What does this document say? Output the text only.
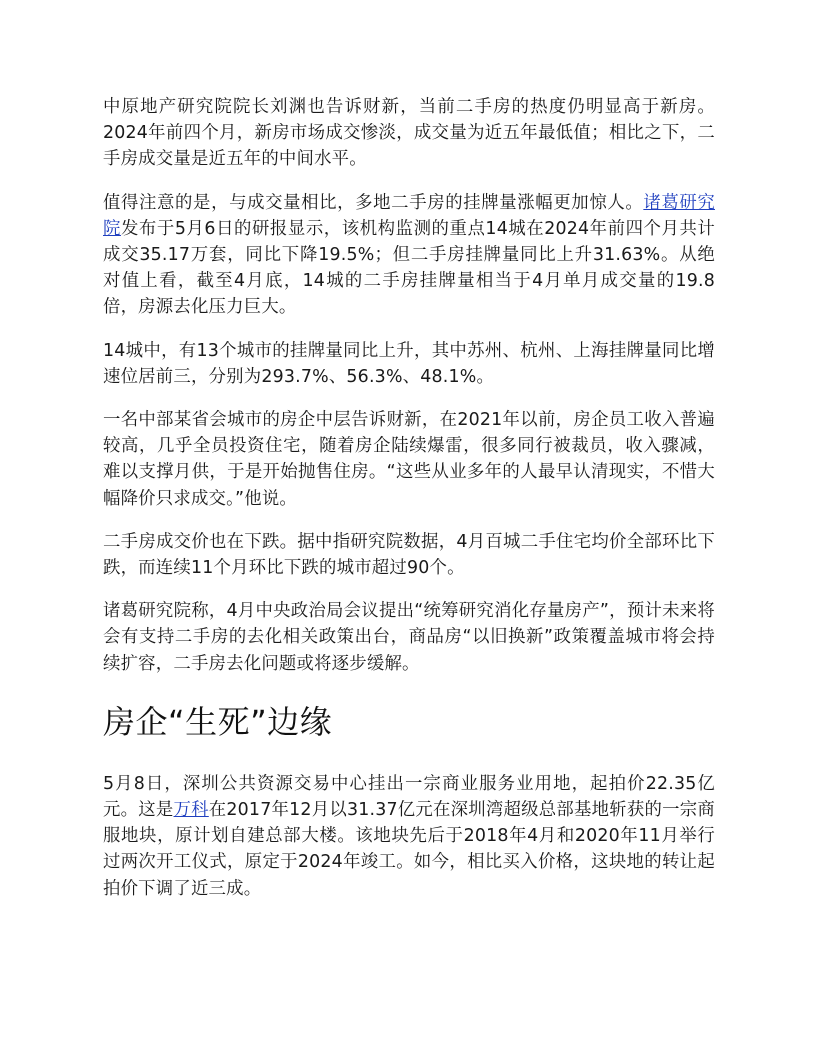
中原地产研究院院长刘渊也告诉财新，当前二手房的热度仍明显高于新房。2024年前四个月，新房市场成交惨淡，成交量为近五年最低值；相比之下，二手房成交量是近五年的中间水平。

值得注意的是，与成交量相比，多地二手房的挂牌量涨幅更加惊人。诸葛研究院发布于5月6日的研报显示，该机构监测的重点14城在2024年前四个月共计成交35.17万套，同比下降19.5%；但二手房挂牌量同比上升31.63%。从绝对值上看，截至4月底，14城的二手房挂牌量相当于4月单月成交量的19.8倍，房源去化压力巨大。

14城中，有13个城市的挂牌量同比上升，其中苏州、杭州、上海挂牌量同比增速位居前三，分别为293.7%、56.3%、48.1%。

一名中部某省会城市的房企中层告诉财新，在2021年以前，房企员工收入普遍较高，几乎全员投资住宅，随着房企陆续爆雷，很多同行被裁员，收入骤减，难以支撑月供，于是开始抛售住房。“这些从业多年的人最早认清现实，不惜大幅降价只求成交。”他说。

二手房成交价也在下跌。据中指研究院数据，4月百城二手住宅均价全部环比下跌，而连续11个月环比下跌的城市超过90个。

诸葛研究院称，4月中央政治局会议提出“统筹研究消化存量房产”，预计未来将会有支持二手房的去化相关政策出台，商品房“以旧换新”政策覆盖城市将会持续扩容，二手房去化问题或将逐步缓解。

房企“生死”边缘

5月8日，深圳公共资源交易中心挂出一宗商业服务业用地，起拍价22.35亿元。这是万科在2017年12月以31.37亿元在深圳湾超级总部基地斩获的一宗商服地块，原计划自建总部大楼。该地块先后于2018年4月和2020年11月举行过两次开工仪式，原定于2024年竣工。如今，相比买入价格，这块地的转让起拍价下调了近三成。
